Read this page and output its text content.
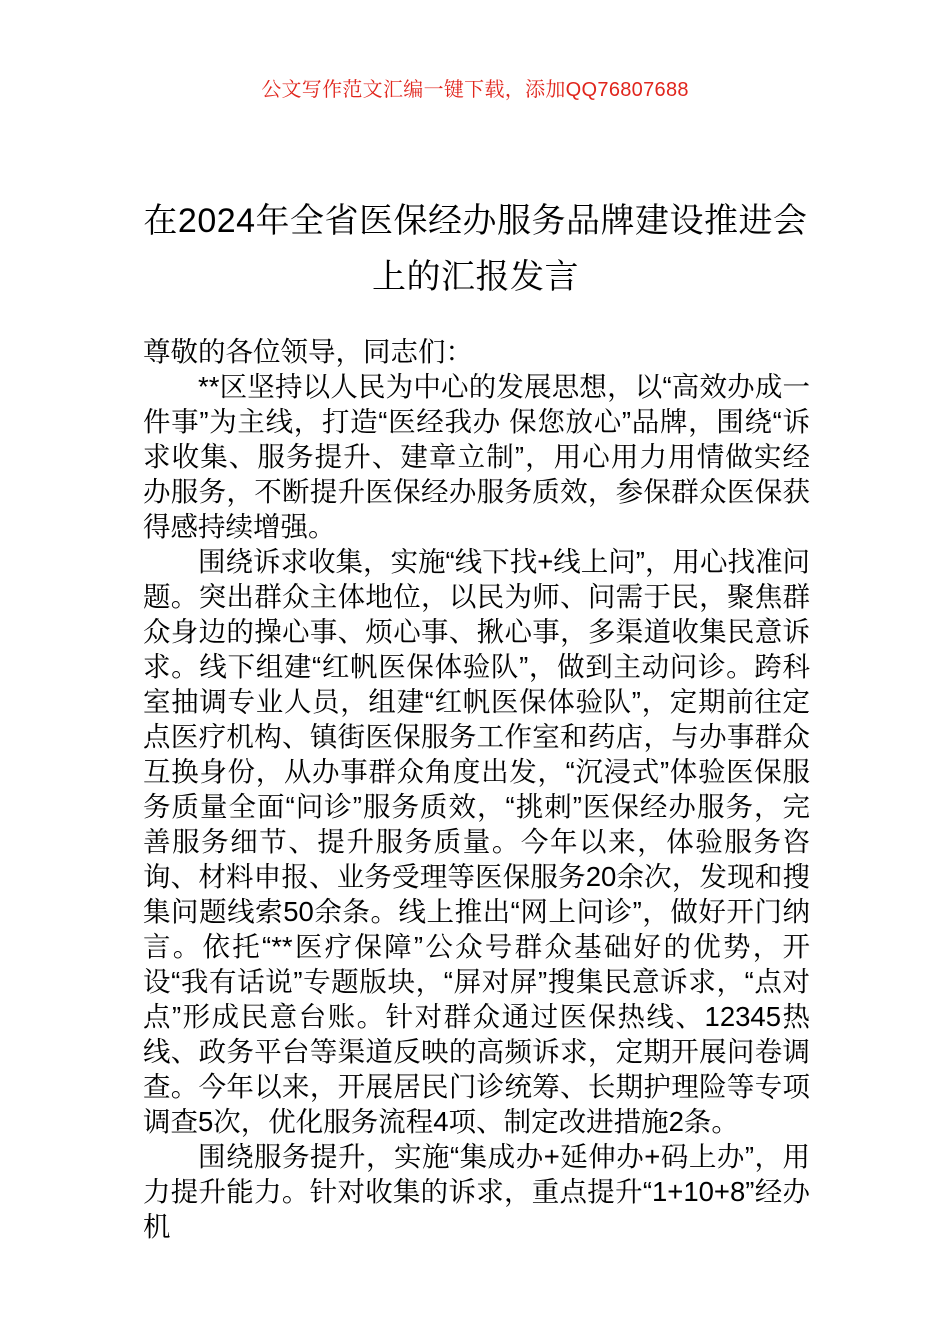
公文写作范文汇编一键下载，添加QQ76807688
在2024年全省医保经办服务品牌建设推进会上的汇报发言

尊敬的各位领导，同志们：

**区坚持以人民为中心的发展思想，以“高效办成一件事”为主线，打造“医经我办 保您放心”品牌，围绕“诉求收集、服务提升、建章立制”，用心用力用情做实经办服务，不断提升医保经办服务质效，参保群众医保获得感持续增强。

围绕诉求收集，实施“线下找+线上问”，用心找准问题。突出群众主体地位，以民为师、问需于民，聚焦群众身边的操心事、烦心事、揪心事，多渠道收集民意诉求。线下组建“红帆医保体验队”，做到主动问诊。跨科室抽调专业人员，组建“红帆医保体验队”，定期前往定点医疗机构、镇街医保服务工作室和药店，与办事群众互换身份，从办事群众角度出发，“沉浸式”体验医保服务质量全面“问诊”服务质效，“挑刺”医保经办服务，完善服务细节、提升服务质量。今年以来，体验服务咨询、材料申报、业务受理等医保服务20余次，发现和搜集问题线索50余条。线上推出“网上问诊”，做好开门纳言。依托“**医疗保障”公众号群众基础好的优势，开设“我有话说”专题版块，“屏对屏”搜集民意诉求，“点对点”形成民意台账。针对群众通过医保热线、12345热线、政务平台等渠道反映的高频诉求，定期开展问卷调查。今年以来，开展居民门诊统筹、长期护理险等专项调查5次，优化服务流程4项、制定改进措施2条。

围绕服务提升，实施“集成办+延伸办+码上办”，用力提升能力。针对收集的诉求，重点提升“1+10+8”经办机
